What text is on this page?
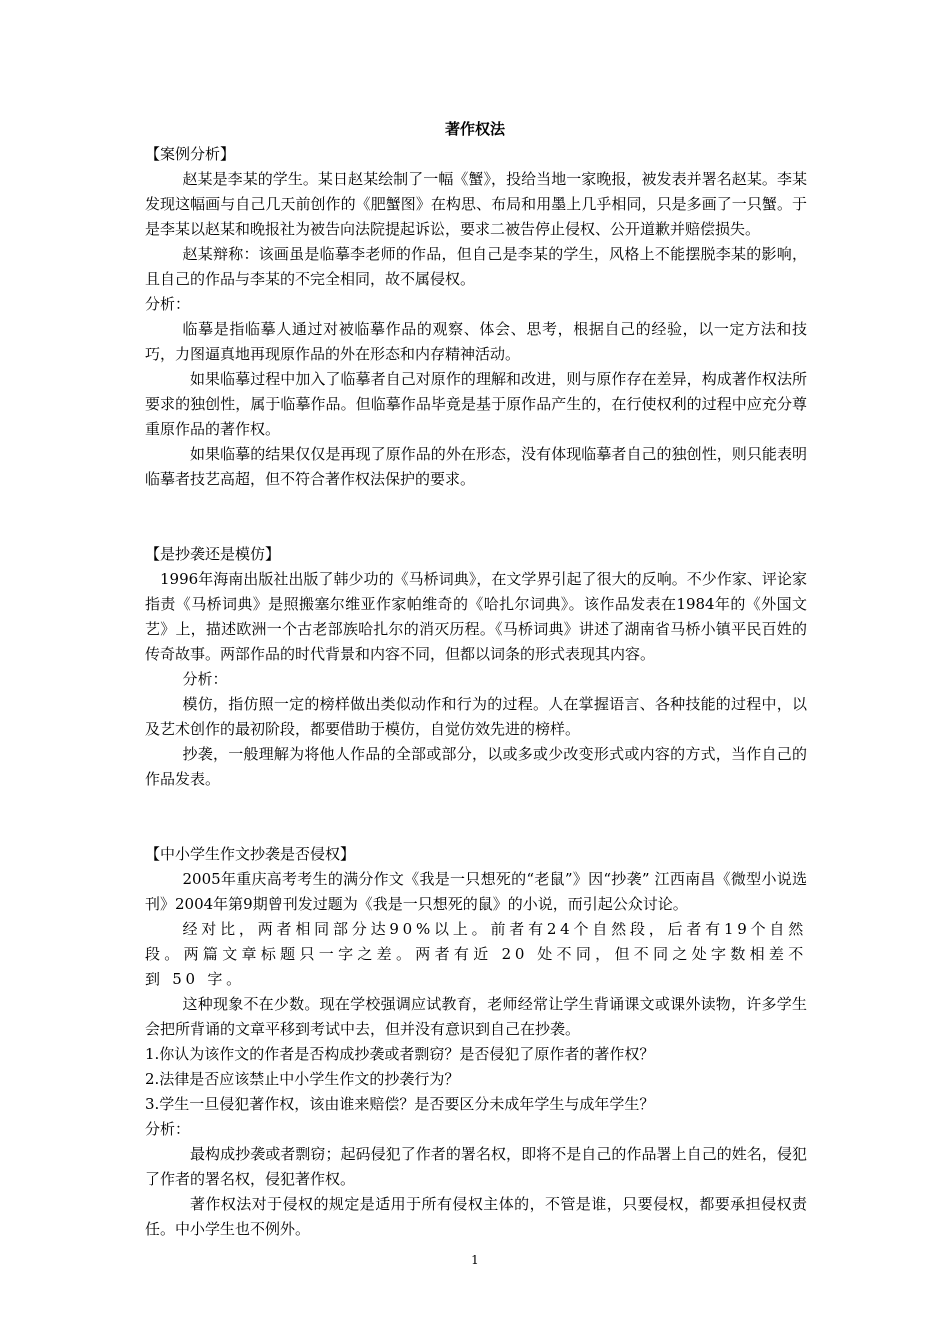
著作权法

【案例分析】

赵某是李某的学生。某日赵某绘制了一幅《蟹》，投给当地一家晚报，被发表并署名赵某。李某发现这幅画与自己几天前创作的《肥蟹图》在构思、布局和用墨上几乎相同，只是多画了一只蟹。于是李某以赵某和晚报社为被告向法院提起诉讼，要求二被告停止侵权、公开道歉并赔偿损失。

赵某辩称：该画虽是临摹李老师的作品，但自己是李某的学生，风格上不能摆脱李某的影响，且自己的作品与李某的不完全相同，故不属侵权。

分析：

临摹是指临摹人通过对被临摹作品的观察、体会、思考，根据自己的经验，以一定方法和技巧，力图逼真地再现原作品的外在形态和内存精神活动。

如果临摹过程中加入了临摹者自己对原作的理解和改进，则与原作存在差异，构成著作权法所要求的独创性，属于临摹作品。但临摹作品毕竟是基于原作品产生的，在行使权利的过程中应充分尊重原作品的著作权。

如果临摹的结果仅仅是再现了原作品的外在形态，没有体现临摹者自己的独创性，则只能表明临摹者技艺高超，但不符合著作权法保护的要求。

【是抄袭还是模仿】

1996年海南出版社出版了韩少功的《马桥词典》，在文学界引起了很大的反响。不少作家、评论家指责《马桥词典》是照搬塞尔维亚作家帕维奇的《哈扎尔词典》。该作品发表在1984年的《外国文艺》上，描述欧洲一个古老部族哈扎尔的消灭历程。《马桥词典》讲述了湖南省马桥小镇平民百姓的传奇故事。两部作品的时代背景和内容不同，但都以词条的形式表现其内容。

分析：

模仿，指仿照一定的榜样做出类似动作和行为的过程。人在掌握语言、各种技能的过程中，以及艺术创作的最初阶段，都要借助于模仿，自觉仿效先进的榜样。

抄袭，一般理解为将他人作品的全部或部分，以或多或少改变形式或内容的方式，当作自己的作品发表。

【中小学生作文抄袭是否侵权】

2005年重庆高考考生的满分作文《我是一只想死的“老鼠”》因“抄袭” 江西南昌《微型小说选刊》2004年第9期曾刊发过题为《我是一只想死的鼠》的小说，而引起公众讨论。

经对比，两者相同部分达90%以上。前者有24个自然段，后者有19个自然段。两篇文章标题只一字之差。两者有近 20 处不同，但不同之处字数相差不到 50 字。

这种现象不在少数。现在学校强调应试教育，老师经常让学生背诵课文或课外读物，许多学生会把所背诵的文章平移到考试中去，但并没有意识到自己在抄袭。

1.你认为该作文的作者是否构成抄袭或者剽窃？是否侵犯了原作者的著作权？

2.法律是否应该禁止中小学生作文的抄袭行为？

3.学生一旦侵犯著作权，该由谁来赔偿？是否要区分未成年学生与成年学生？

分析：

最构成抄袭或者剽窃；起码侵犯了作者的署名权，即将不是自己的作品署上自己的姓名，侵犯了作者的署名权，侵犯著作权。

著作权法对于侵权的规定是适用于所有侵权主体的，不管是谁，只要侵权，都要承担侵权责任。中小学生也不例外。

1
